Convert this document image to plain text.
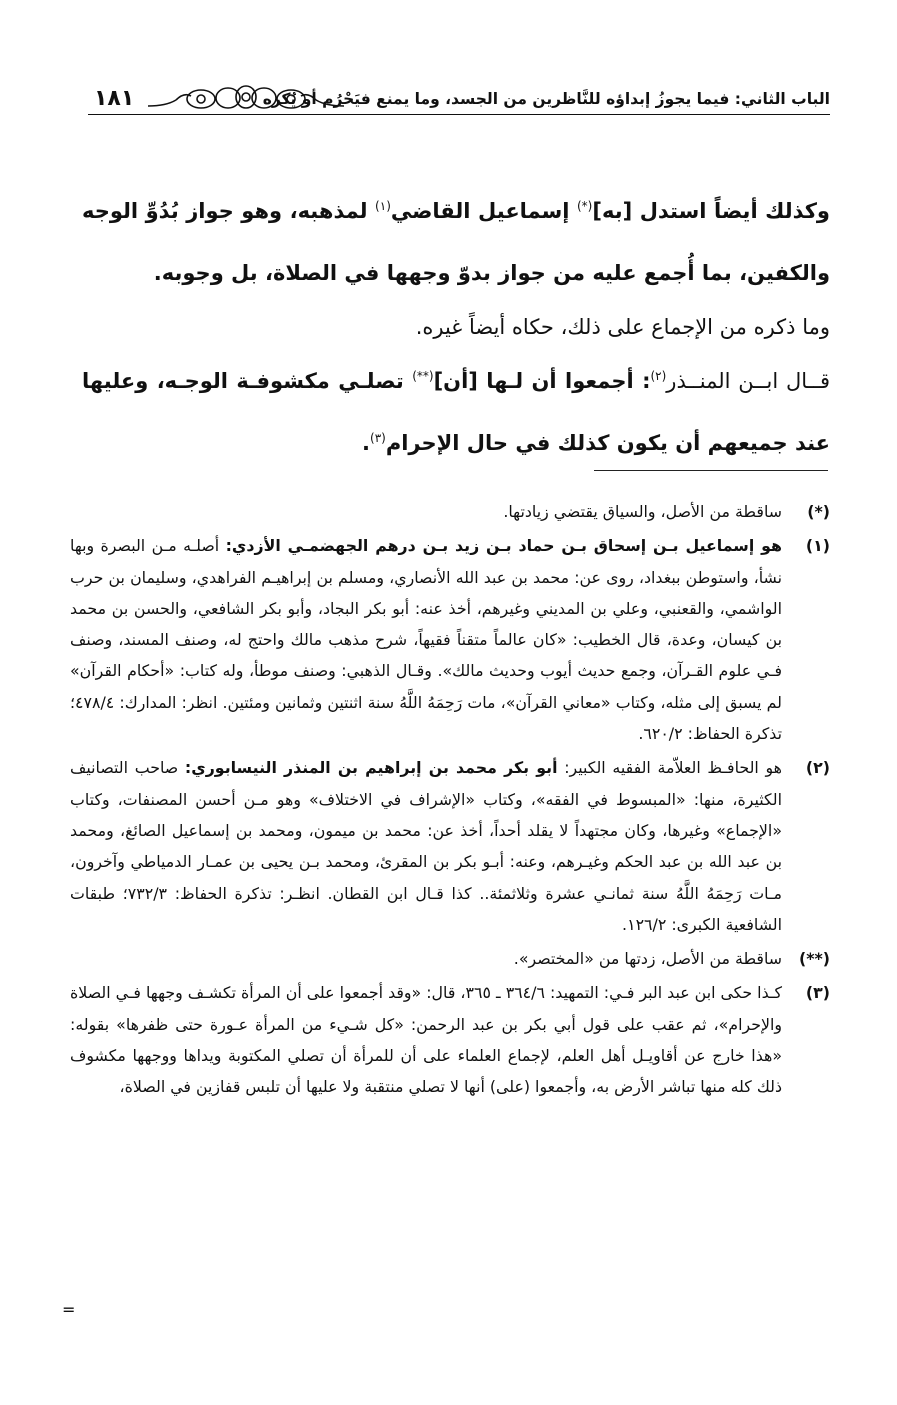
الباب الثاني: فيما يجوزُ إبداؤه للنَّاظرين من الجسد، وما يمنع فيَحْرُم أو يُكره
١٨١

وكذلك أيضاً استدل [به](*) إسماعيل القاضي$^{(١)}$ لمذهبه، وهو جواز بُدُوِّ الوجه والكفين، بما أُجمع عليه من جواز بدوّ وجهها في الصلاة، بل وجوبه.

وما ذكره من الإجماع على ذلك، حكاه أيضاً غيره.

قــال ابــن المنــذر$^{(٢)}$: أجمعوا أن لـها [أن](**) تصلـي مكشوفـة الوجـه، وعليها عند جميعهم أن يكون كذلك في حال الإحرام$^{(٣)}$.

(*)
ساقطة من الأصل، والسياق يقتضي زيادتها.

(١)
هو إسماعيل بـن إسحاق بـن حماد بـن زيد بـن درهم الجهضمـي الأزدي: أصلـه مـن البصرة وبها نشأ، واستوطن ببغداد، روى عن: محمد بن عبد الله الأنصاري، ومسلم بن إبراهيـم الفراهدي، وسليمان بن حرب الواشمي، والقعنبي، وعلي بن المديني وغيرهم، أخذ عنه: أبو بكر البجاد، وأبو بكر الشافعي، والحسن بن محمد بن كيسان، وعدة، قال الخطيب: «كان عالماً متقناً فقيهاً، شرح مذهب مالك واحتج له، وصنف المسند، وصنف فـي علوم القـرآن، وجمع حديث أيوب وحديث مالك». وقـال الذهبي: وصنف موطأ، وله كتاب: «أحكام القرآن» لم يسبق إلى مثله، وكتاب «معاني القرآن»، مات رَحِمَهُ اللَّهُ سنة اثنتين وثمانين ومئتين. انظر: المدارك: ٤٧٨/٤؛ تذكرة الحفاظ: ٦٢٠/٢.

(٢)
هو الحافـظ العلاّمة الفقيه الكبير: أبو بكر محمد بن إبراهيم بن المنذر النيسابوري: صاحب التصانيف الكثيرة، منها: «المبسوط في الفقه»، وكتاب «الإشراف في الاختلاف» وهو مـن أحسن المصنفات، وكتاب «الإجماع» وغيرها، وكان مجتهداً لا يقلد أحداً، أخذ عن: محمد بن ميمون، ومحمد بن إسماعيل الصائغ، ومحمد بن عبد الله بن عبد الحكم وغيـرهم، وعنه: أبـو بكر بن المقرئ، ومحمد بـن يحيى بن عمـار الدمياطي وآخرون، مـات رَحِمَهُ اللَّهُ سنة ثمانـي عشرة وثلاثمئة.. كذا قـال ابن القطان. انظـر: تذكرة الحفاظ: ٧٣٢/٣؛ طبقات الشافعية الكبرى: ١٢٦/٢.

(**)
ساقطة من الأصل، زدتها من «المختصر».

(٣)
كـذا حكى ابن عبد البر فـي: التمهيد: ٣٦٤/٦ ـ ٣٦٥، قال: «وقد أجمعوا على أن المرأة تكشـف وجهها فـي الصلاة والإحرام»، ثم عقب على قول أبي بكر بن عبد الرحمن: «كل شـيء من المرأة عـورة حتى ظفرها» بقوله: «هذا خارج عن أقاويـل أهل العلم، لإجماع العلماء على أن للمرأة أن تصلي المكتوبة ويداها ووجهها مكشوف ذلك كله منها تباشر الأرض به، وأجمعوا (على) أنها لا تصلي منتقبة ولا عليها أن تلبس قفازين في الصلاة،

=
